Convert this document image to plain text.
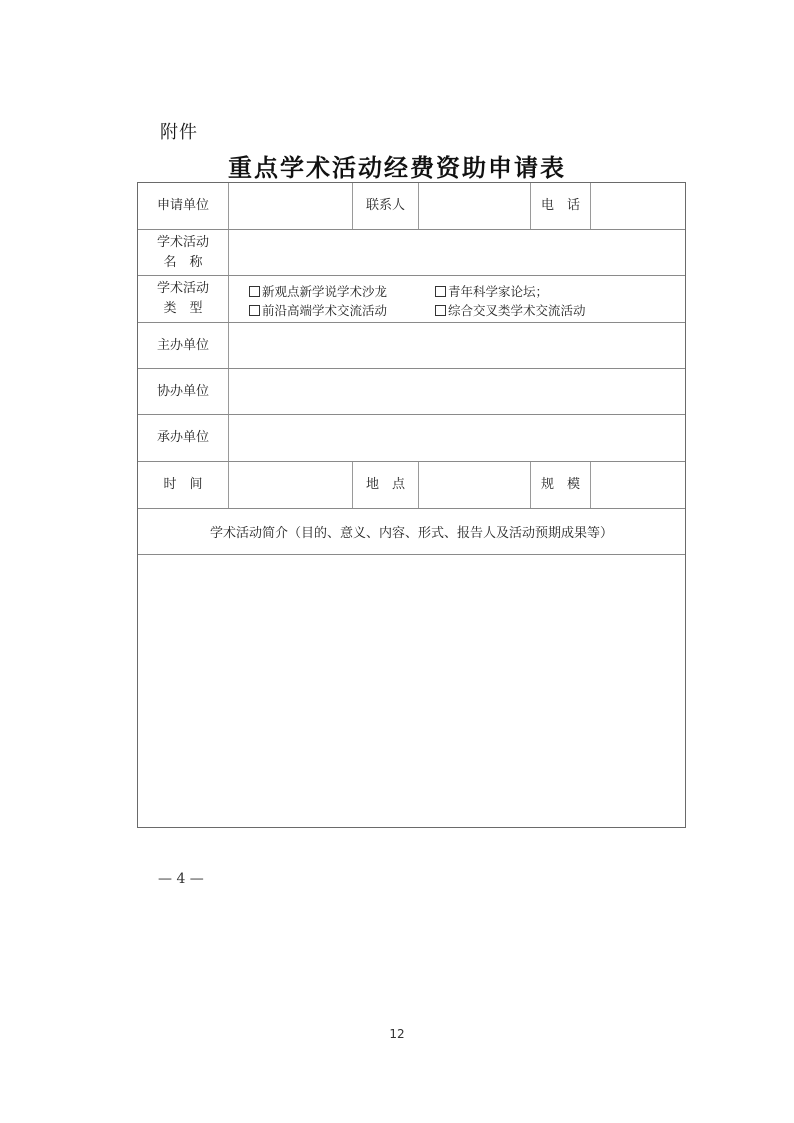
附件
重点学术活动经费资助申请表
申请单位	联系人	电　话
学术活动
名　称
学术活动
类　型
新观点新学说学术沙龙	青年科学家论坛；
前沿高端学术交流活动	综合交叉类学术交流活动
主办单位
协办单位
承办单位
时　间	地　点	规　模
学术活动简介（目的、意义、内容、形式、报告人及活动预期成果等）
— 4 —
12
